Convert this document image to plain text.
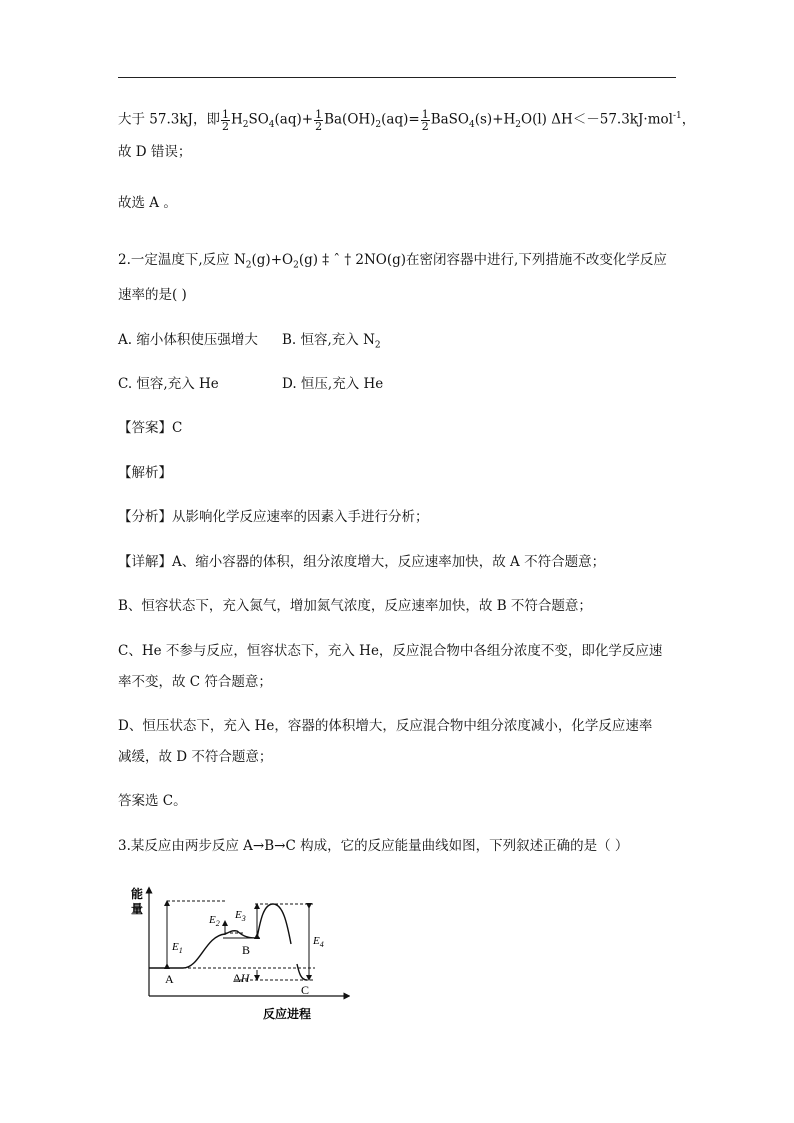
大于 57.3kJ，即 $\frac{1}{2} H_2SO_4(aq)+ \frac{1}{2} Ba(OH)_2(aq)= \frac{1}{2}$ $BaSO_4(s)+H_2O(l)$ ΔH＜－57.3kJ·mol$^{-1}$，
故 D 错误；
故选 A 。
2.一定温度下,反应 $N_2(g)+O_2(g)$ ‡ ˆ † 2NO(g)在密闭容器中进行,下列措施不改变化学反应
速率的是( )
A. 缩小体积使压强增大 B. 恒容,充入 $N_2$
C. 恒容,充入 He	D. 恒压,充入 He
【答案】C
【解析】
【分析】从影响化学反应速率的因素入手进行分析；
【详解】A、缩小容器的体积，组分浓度增大，反应速率加快，故 A 不符合题意；
B、恒容状态下，充入氮气，增加氮气浓度，反应速率加快，故 B 不符合题意；
C、He 不参与反应，恒容状态下，充入 He，反应混合物中各组分浓度不变，即化学反应速
率不变，故 C 符合题意；
D、恒压状态下，充入 He，容器的体积增大，反应混合物中组分浓度减小，化学反应速率
减缓，故 D 不符合题意；
答案选 C。
3.某反应由两步反应 A→B→C 构成，它的反应能量曲线如图，下列叙述正确的是（ ）
能
量
反应进程
$E_1$
$E_2$
$E_3$
$E_4$
ΔH
A
B
C
